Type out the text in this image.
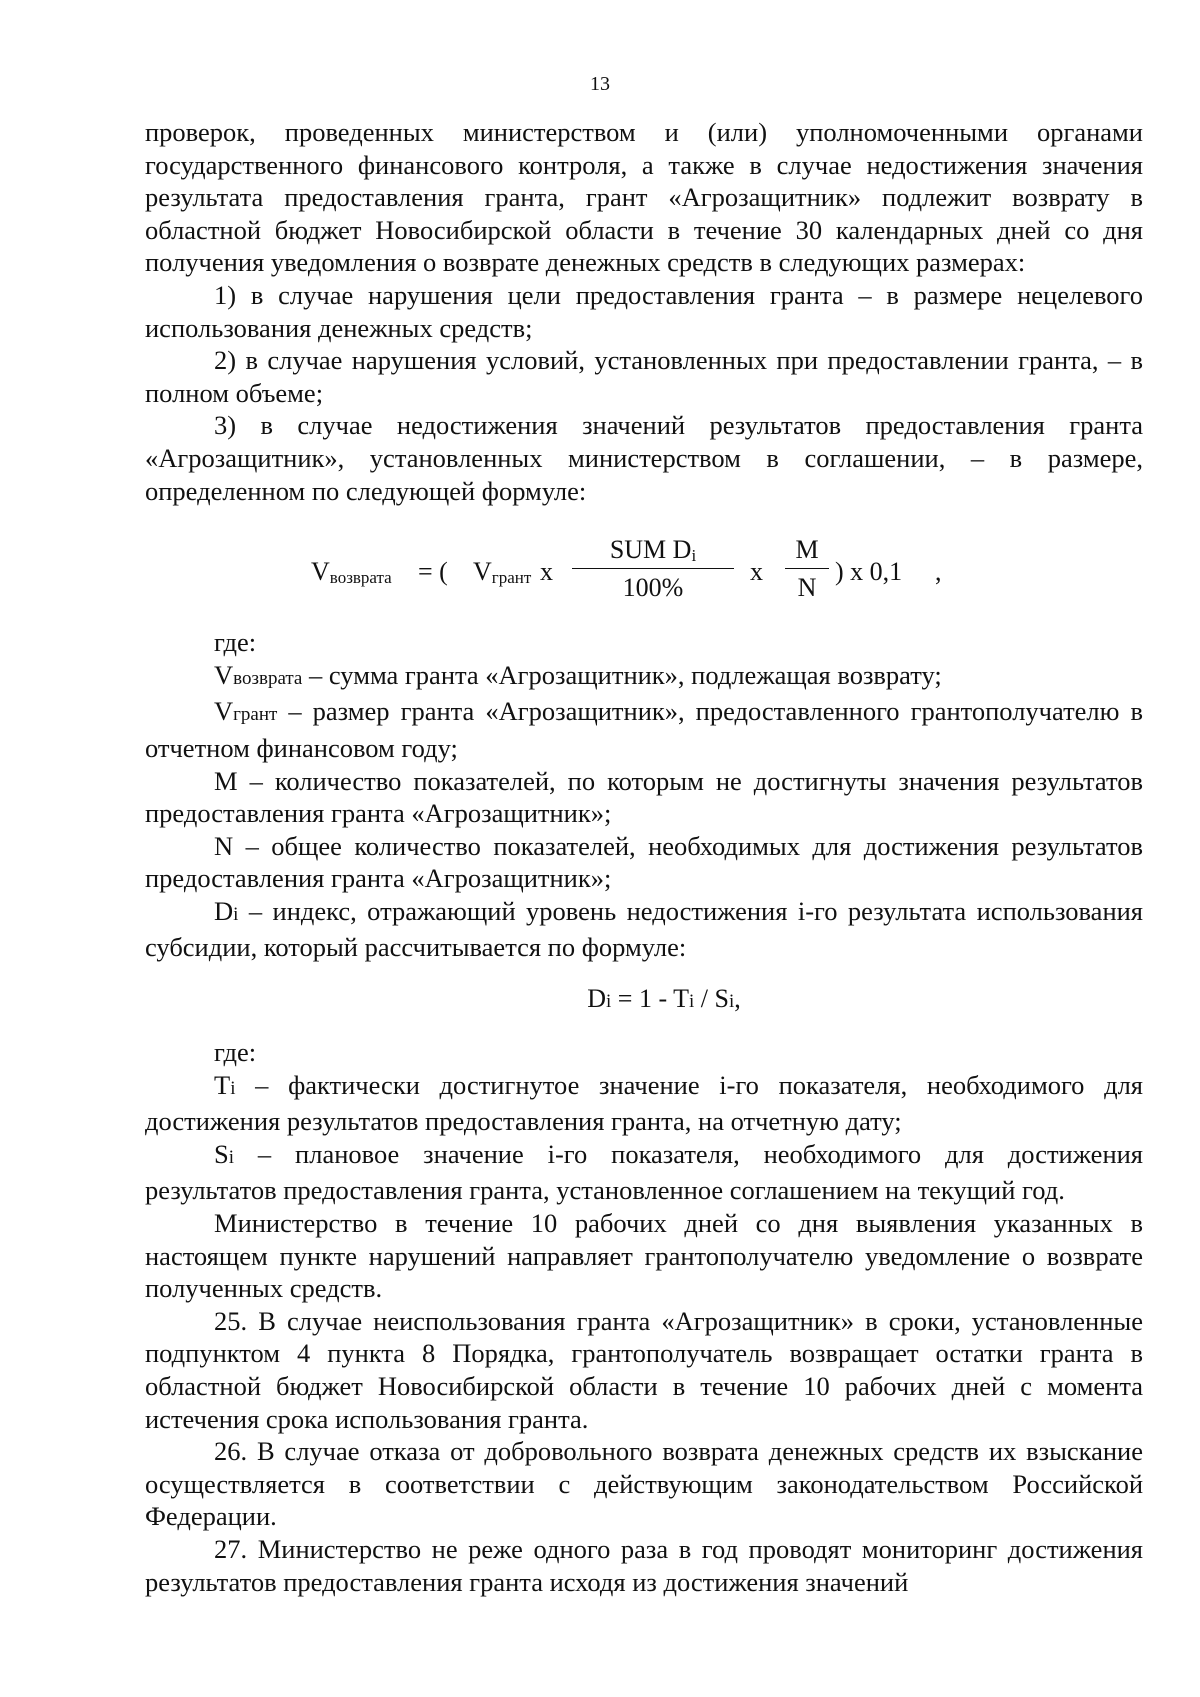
13

проверок, проведенных министерством и (или) уполномоченными органами государственного финансового контроля, а также в случае недостижения значения результата предоставления гранта, грант «Агрозащитник» подлежит возврату в областной бюджет Новосибирской области в течение 30 календарных дней со дня получения уведомления о возврате денежных средств в следующих размерах:

1) в случае нарушения цели предоставления гранта – в размере нецелевого использования денежных средств;

2) в случае нарушения условий, установленных при предоставлении гранта, – в полном объеме;

3) в случае недостижения значений результатов предоставления гранта «Агрозащитник», установленных министерством в соглашении, – в размере, определенном по следующей формуле:

Vвозврата = ( Vгрант x
SUM Di
100%
x
M
N
) x 0,1 ,

где:

Vвозврата – сумма гранта «Агрозащитник», подлежащая возврату;

Vгрант – размер гранта «Агрозащитник», предоставленного грантополучателю в отчетном финансовом году;

M – количество показателей, по которым не достигнуты значения результатов предоставления гранта «Агрозащитник»;

N – общее количество показателей, необходимых для достижения результатов предоставления гранта «Агрозащитник»;

Di – индекс, отражающий уровень недостижения i-го результата использования субсидии, который рассчитывается по формуле:

Di = 1 - Ti / Si,

где:

Ti – фактически достигнутое значение i-го показателя, необходимого для достижения результатов предоставления гранта, на отчетную дату;

Si – плановое значение i-го показателя, необходимого для достижения результатов предоставления гранта, установленное соглашением на текущий год.

Министерство в течение 10 рабочих дней со дня выявления указанных в настоящем пункте нарушений направляет грантополучателю уведомление о возврате полученных средств.

25. В случае неиспользования гранта «Агрозащитник» в сроки, установленные подпунктом 4 пункта 8 Порядка, грантополучатель возвращает остатки гранта в областной бюджет Новосибирской области в течение 10 рабочих дней с момента истечения срока использования гранта.

26. В случае отказа от добровольного возврата денежных средств их взыскание осуществляется в соответствии с действующим законодательством Российской Федерации.

27. Министерство не реже одного раза в год проводят мониторинг достижения результатов предоставления гранта исходя из достижения значений
